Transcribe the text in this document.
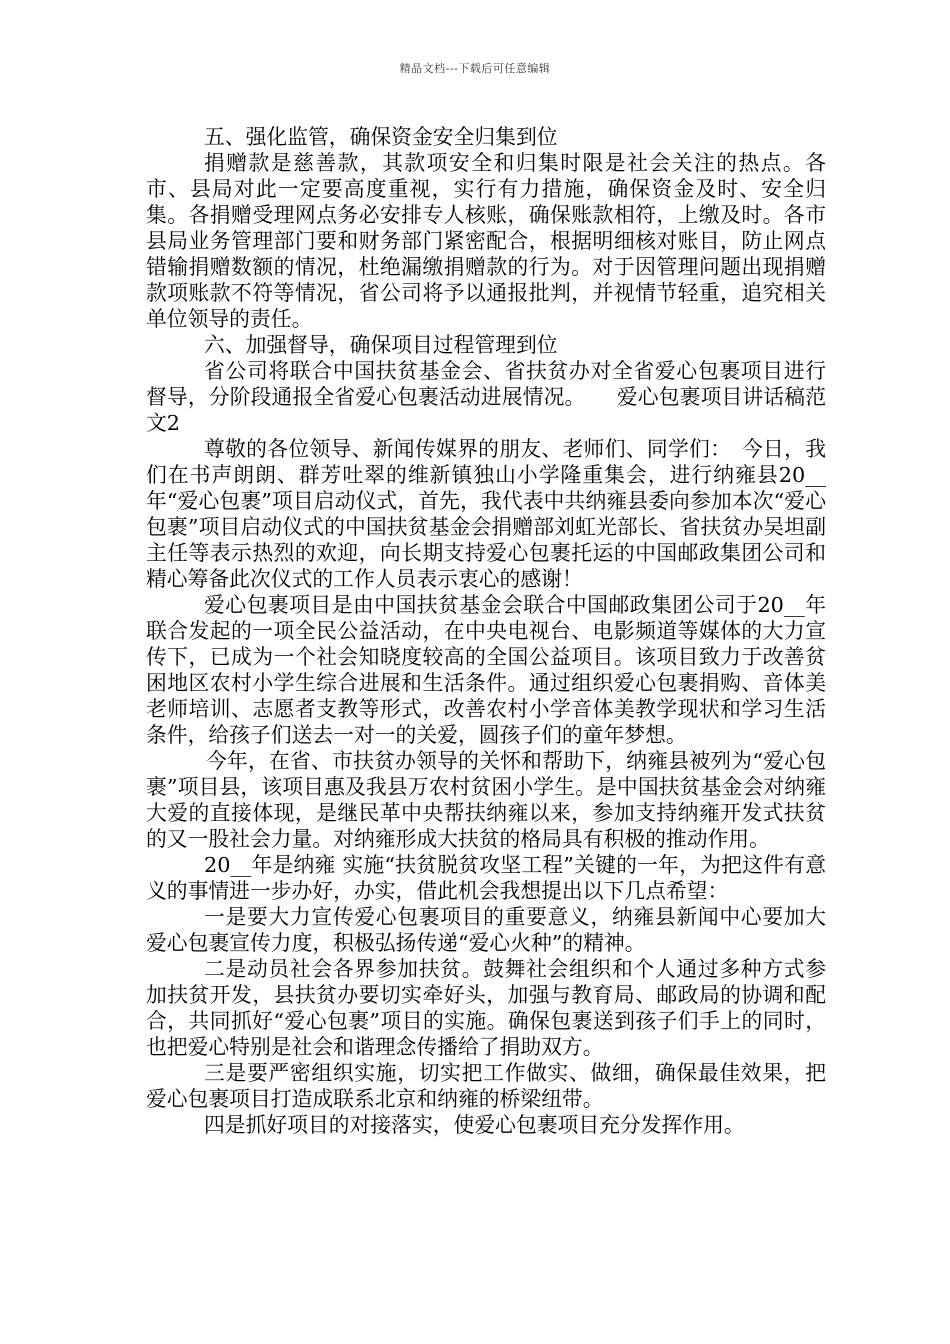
精品文档---下载后可任意编辑

五、强化监管，确保资金安全归集到位

捐赠款是慈善款，其款项安全和归集时限是社会关注的热点。各市、县局对此一定要高度重视，实行有力措施，确保资金及时、安全归集。各捐赠受理网点务必安排专人核账，确保账款相符，上缴及时。各市县局业务管理部门要和财务部门紧密配合，根据明细核对账目，防止网点错输捐赠数额的情况，杜绝漏缴捐赠款的行为。对于因管理问题出现捐赠款项账款不符等情况，省公司将予以通报批判，并视情节轻重，追究相关单位领导的责任。

六、加强督导，确保项目过程管理到位

省公司将联合中国扶贫基金会、省扶贫办对全省爱心包裹项目进行督导，分阶段通报全省爱心包裹活动进展情况。　　爱心包裹项目讲话稿范文2

尊敬的各位领导、新闻传媒界的朋友、老师们、同学们：　今日，我们在书声朗朗、群芳吐翠的维新镇独山小学隆重集会，进行纳雍县20__年“爱心包裹”项目启动仪式，首先，我代表中共纳雍县委向参加本次“爱心包裹”项目启动仪式的中国扶贫基金会捐赠部刘虹光部长、省扶贫办吴坦副主任等表示热烈的欢迎，向长期支持爱心包裹托运的中国邮政集团公司和精心筹备此次仪式的工作人员表示衷心的感谢！

爱心包裹项目是由中国扶贫基金会联合中国邮政集团公司于20__年联合发起的一项全民公益活动，在中央电视台、电影频道等媒体的大力宣传下，已成为一个社会知晓度较高的全国公益项目。该项目致力于改善贫困地区农村小学生综合进展和生活条件。通过组织爱心包裹捐购、音体美老师培训、志愿者支教等形式，改善农村小学音体美教学现状和学习生活条件，给孩子们送去一对一的关爱，圆孩子们的童年梦想。

今年，在省、市扶贫办领导的关怀和帮助下，纳雍县被列为“爱心包裹”项目县，该项目惠及我县万农村贫困小学生。是中国扶贫基金会对纳雍大爱的直接体现，是继民革中央帮扶纳雍以来，参加支持纳雍开发式扶贫的又一股社会力量。对纳雍形成大扶贫的格局具有积极的推动作用。

20__年是纳雍 实施“扶贫脱贫攻坚工程”关键的一年，为把这件有意义的事情进一步办好，办实，借此机会我想提出以下几点希望：

一是要大力宣传爱心包裹项目的重要意义，纳雍县新闻中心要加大爱心包裹宣传力度，积极弘扬传递“爱心火种”的精神。

二是动员社会各界参加扶贫。鼓舞社会组织和个人通过多种方式参加扶贫开发，县扶贫办要切实牵好头，加强与教育局、邮政局的协调和配合，共同抓好“爱心包裹”项目的实施。确保包裹送到孩子们手上的同时，也把爱心特别是社会和谐理念传播给了捐助双方。

三是要严密组织实施，切实把工作做实、做细，确保最佳效果，把爱心包裹项目打造成联系北京和纳雍的桥梁纽带。

四是抓好项目的对接落实，使爱心包裹项目充分发挥作用。
